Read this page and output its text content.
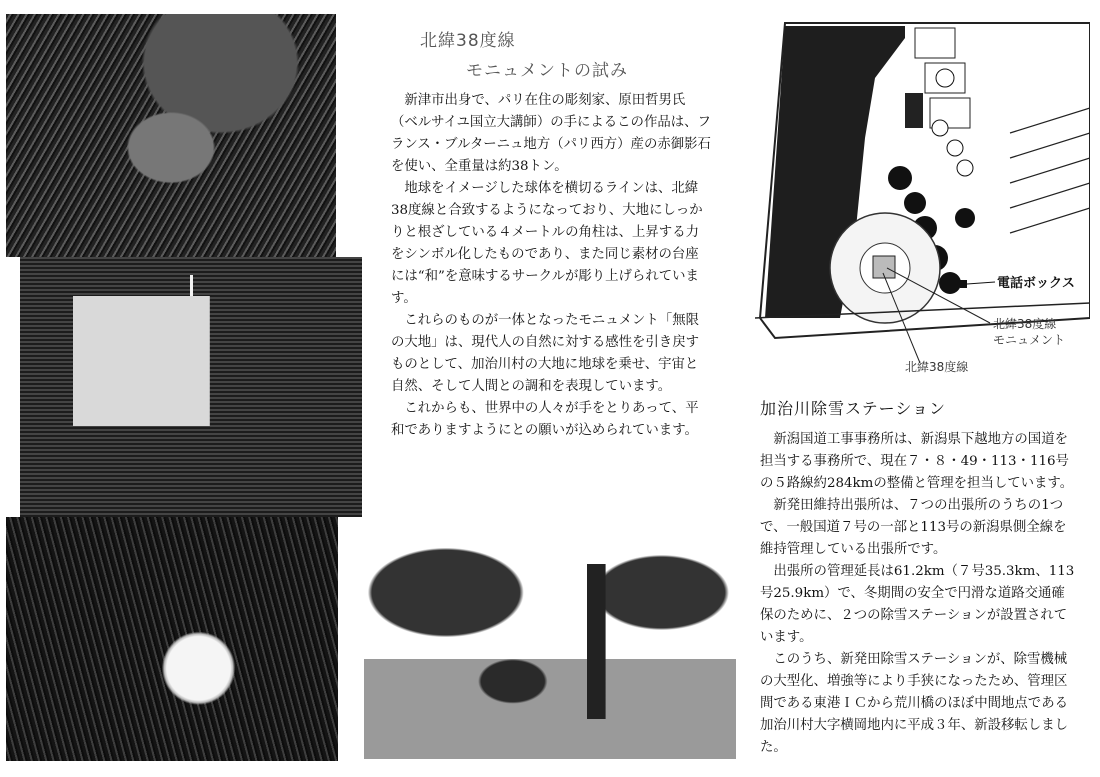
北緯38度線
モニュメントの試み

新津市出身で、パリ在住の彫刻家、原田哲男氏（ベルサイユ国立大講師）の手によるこの作品は、フランス・ブルターニュ地方（パリ西方）産の赤御影石を使い、全重量は約38トン。

地球をイメージした球体を横切るラインは、北緯38度線と合致するようになっており、大地にしっかりと根ざしている４メートルの角柱は、上昇する力をシンボル化したものであり、また同じ素材の台座には“和”を意味するサークルが彫り上げられています。

これらのものが一体となったモニュメント「無限の大地」は、現代人の自然に対する感性を引き戻すものとして、加治川村の大地に地球を乗せ、宇宙と自然、そして人間との調和を表現しています。

これからも、世界中の人々が手をとりあって、平和でありますようにとの願いが込められています。

電話ボックス
北緯38度線
モニュメント
北緯38度線
加治川除雪ステーション

新潟国道工事事務所は、新潟県下越地方の国道を担当する事務所で、現在７・８・49・113・116号の５路線約284kmの整備と管理を担当しています。

新発田維持出張所は、７つの出張所のうちの1つで、一般国道７号の一部と113号の新潟県側全線を維持管理している出張所です。

出張所の管理延長は61.2km（７号35.3km、113号25.9km）で、冬期間の安全で円滑な道路交通確保のために、２つの除雪ステーションが設置されています。

このうち、新発田除雪ステーションが、除雪機械の大型化、増強等により手狭になったため、管理区間である東港ＩＣから荒川橋のほぼ中間地点である加治川村大字横岡地内に平成３年、新設移転しました。
